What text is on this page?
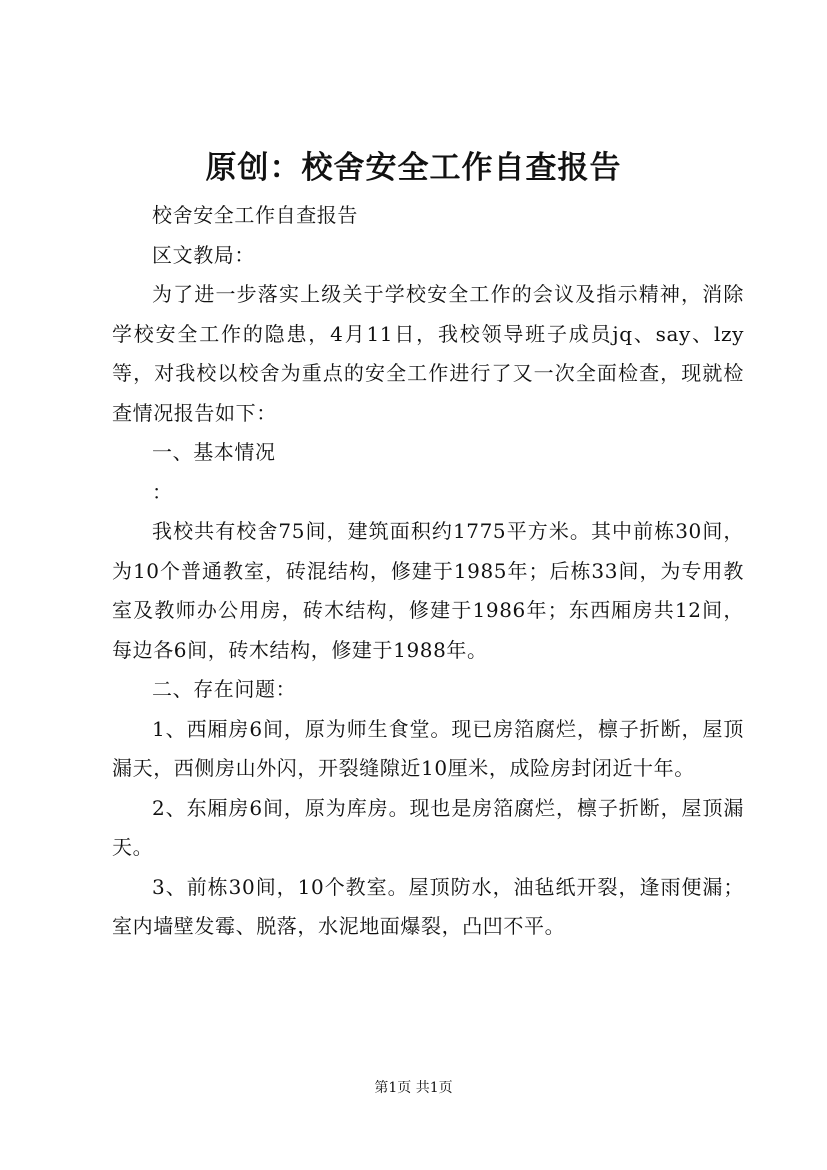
原创：校舍安全工作自查报告

校舍安全工作自查报告

区文教局：

为了进一步落实上级关于学校安全工作的会议及指示精神，消除学校安全工作的隐患，4月11日，我校领导班子成员jq、say、lzy等，对我校以校舍为重点的安全工作进行了又一次全面检查，现就检查情况报告如下：

一、基本情况

：

我校共有校舍75间，建筑面积约1775平方米。其中前栋30间，为10个普通教室，砖混结构，修建于1985年；后栋33间，为专用教室及教师办公用房，砖木结构，修建于1986年；东西厢房共12间，每边各6间，砖木结构，修建于1988年。

二、存在问题：

1、西厢房6间，原为师生食堂。现已房箔腐烂，檩子折断，屋顶漏天，西侧房山外闪，开裂缝隙近10厘米，成险房封闭近十年。

2、东厢房6间，原为库房。现也是房箔腐烂，檩子折断，屋顶漏天。

3、前栋30间，10个教室。屋顶防水，油毡纸开裂，逢雨便漏；室内墙壁发霉、脱落，水泥地面爆裂，凸凹不平。

第1页 共1页
